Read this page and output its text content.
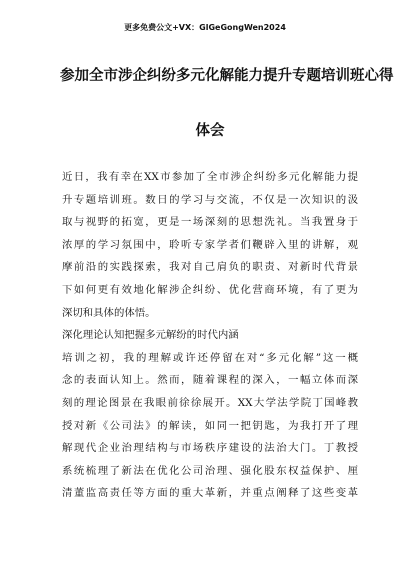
更多免费公文+VX：GlGeGongWen2024
参加全市涉企纠纷多元化解能力提升专题培训班心得
体会
近日，我有幸在XX市参加了全市涉企纠纷多元化解能力提
升专题培训班。数日的学习与交流，不仅是一次知识的汲
取与视野的拓宽，更是一场深刻的思想洗礼。当我置身于
浓厚的学习氛围中，聆听专家学者们鞭辟入里的讲解，观
摩前沿的实践探索，我对自己肩负的职责、对新时代背景
下如何更有效地化解涉企纠纷、优化营商环境，有了更为
深切和具体的体悟。
深化理论认知把握多元解纷的时代内涵
培训之初，我的理解或许还停留在对“多元化解”这一概
念的表面认知上。然而，随着课程的深入，一幅立体而深
刻的理论图景在我眼前徐徐展开。XX大学法学院丁国峰教
授对新《公司法》的解读，如同一把钥匙，为我打开了理
解现代企业治理结构与市场秩序建设的法治大门。丁教授
系统梳理了新法在优化公司治理、强化股东权益保护、厘
清董监高责任等方面的重大革新，并重点阐释了这些变革
